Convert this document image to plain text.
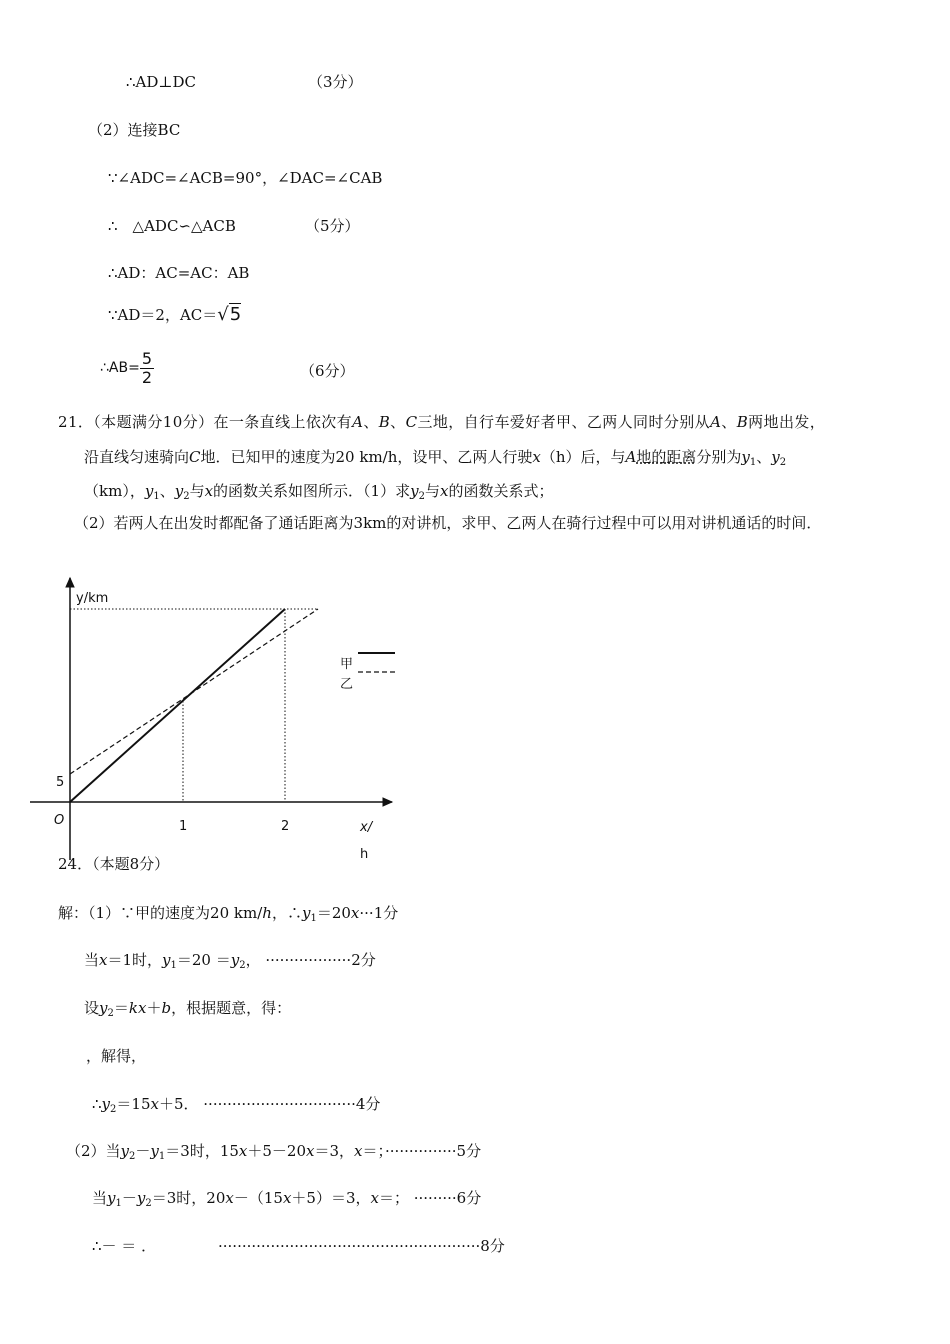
∴AD⊥DC	（3分）
（2）连接BC
∵∠ADC=∠ACB=90°，∠DAC=∠CAB
∴　△ADC∽△ACB	（5分）
∴AD：AC=AC：AB
∵AD＝2，AC＝√5
∴AB= $\frac{5}{2}$	（6分）
21．（本题满分10分）在一条直线上依次有A、B、C三地，自行车爱好者甲、乙两人同时分别从A、B两地出发，
沿直线匀速骑向C地．已知甲的速度为20 km/h，设甲、乙两人行驶x（h）后，与A地的距离分别为$y_1$、$y_2$
（km），$y_1$、$y_2$与x的函数关系如图所示．（1）求$y_2$与x的函数关系式；
（2）若两人在出发时都配备了通话距离为3km的对讲机，求甲、乙两人在骑行过程中可以用对讲机通话的时间．
y/km
5
O	1	2	x/
h
甲
乙
24．（本题8分）
解：（1）∵甲的速度为20 km/h，$\therefore y_1=20x\cdot\cdot\cdot 1$分
当x＝1时，$y_1=20 =y_2$， ··················2分
设$y_2=kx+b$，根据题意，得：
，解得，
$\therefore y_2=15x+5$． ································4分
（2）当$y_2-y_1=3$时，15x＋5－20x＝3，x＝；···············5分
当$y_1-y_2=3$时，20x－（15x＋5）＝3，x＝； ·········6分
∴－ ＝ ．	·······················································8分
